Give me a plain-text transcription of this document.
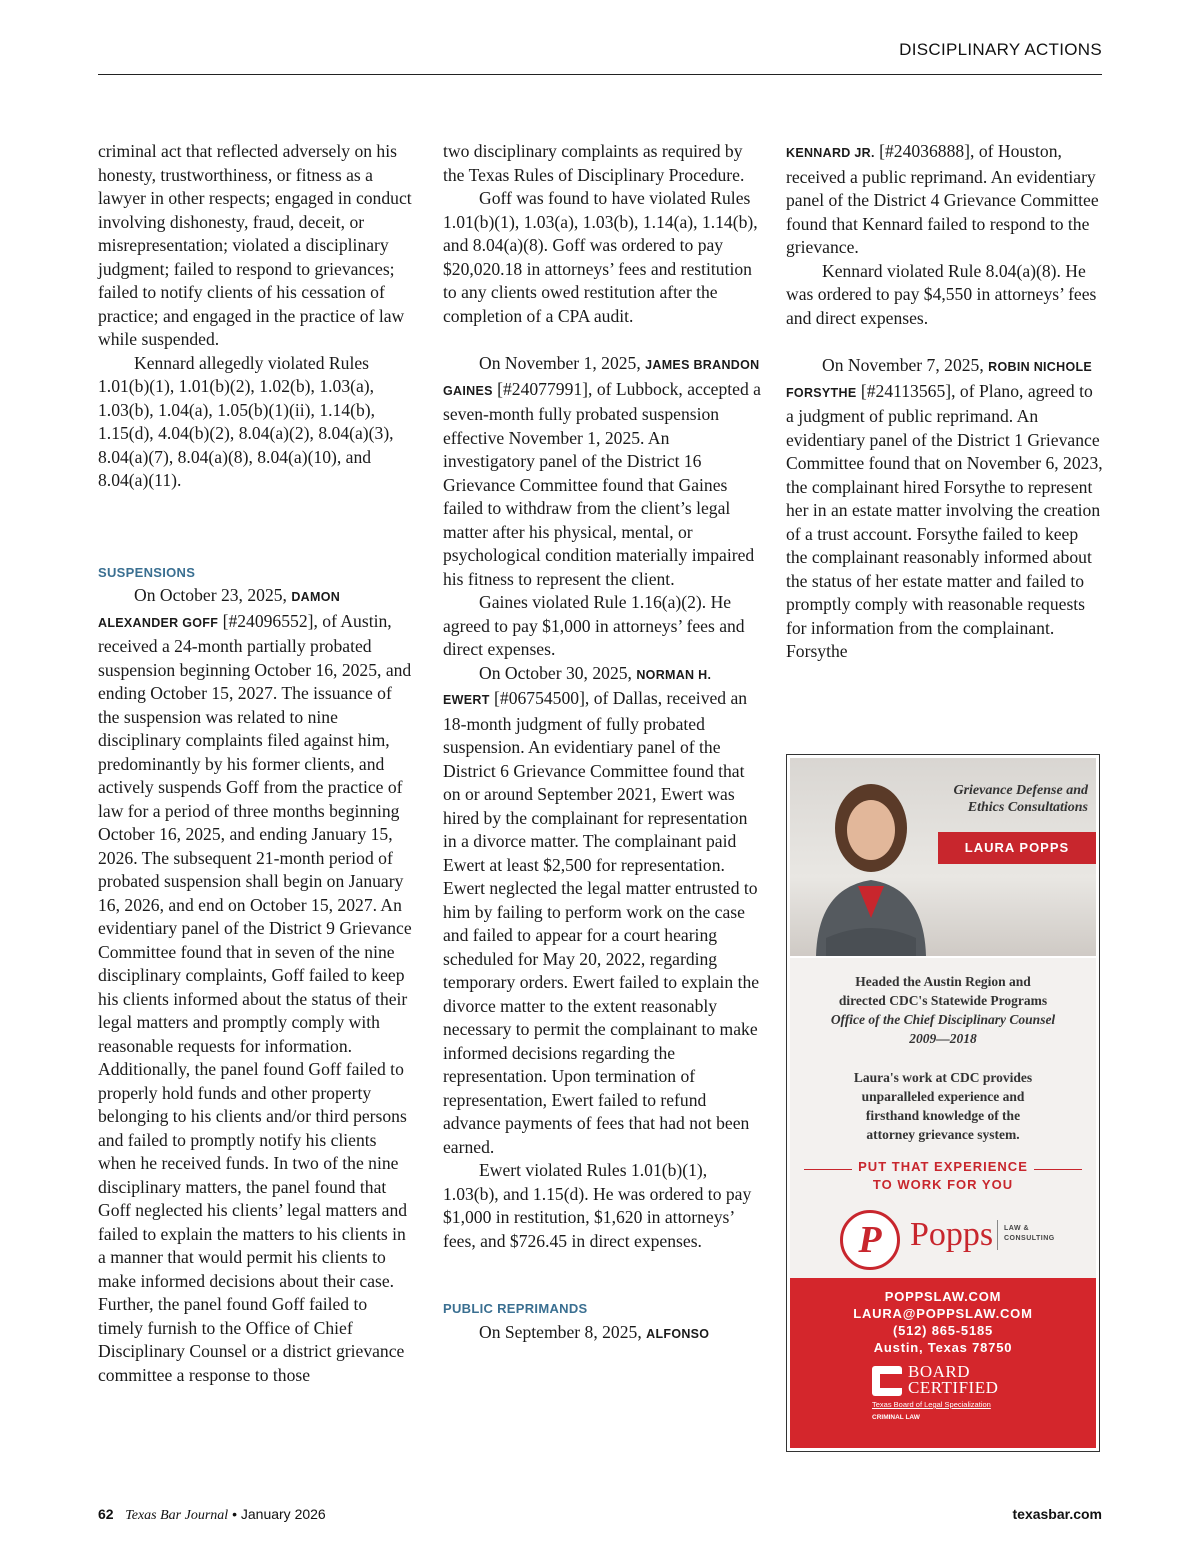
DISCIPLINARY ACTIONS

criminal act that reflected adversely on his honesty, trustworthiness, or fitness as a lawyer in other respects; engaged in conduct involving dishonesty, fraud, deceit, or misrepresentation; violated a disciplinary judgment; failed to respond to grievances; failed to notify clients of his cessation of practice; and engaged in the practice of law while suspended.

Kennard allegedly violated Rules 1.01(b)(1), 1.01(b)(2), 1.02(b), 1.03(a), 1.03(b), 1.04(a), 1.05(b)(1)(ii), 1.14(b), 1.15(d), 4.04(b)(2), 8.04(a)(2), 8.04(a)(3), 8.04(a)(7), 8.04(a)(8), 8.04(a)(10), and 8.04(a)(11).

SUSPENSIONS

On October 23, 2025, DAMON ALEXANDER GOFF [#24096552], of Austin, received a 24-month partially probated suspension beginning October 16, 2025, and ending October 15, 2027. The issuance of the suspension was related to nine disciplinary complaints filed against him, predominantly by his former clients, and actively suspends Goff from the practice of law for a period of three months beginning October 16, 2025, and ending January 15, 2026. The subsequent 21-month period of probated suspension shall begin on January 16, 2026, and end on October 15, 2027. An evidentiary panel of the District 9 Grievance Committee found that in seven of the nine disciplinary complaints, Goff failed to keep his clients informed about the status of their legal matters and promptly comply with reasonable requests for information. Additionally, the panel found Goff failed to properly hold funds and other property belonging to his clients and/or third persons and failed to promptly notify his clients when he received funds. In two of the nine disciplinary matters, the panel found that Goff neglected his clients’ legal matters and failed to explain the matters to his clients in a manner that would permit his clients to make informed decisions about their case. Further, the panel found Goff failed to timely furnish to the Office of Chief Disciplinary Counsel or a district grievance committee a response to those

two disciplinary complaints as required by the Texas Rules of Disciplinary Procedure.

Goff was found to have violated Rules 1.01(b)(1), 1.03(a), 1.03(b), 1.14(a), 1.14(b), and 8.04(a)(8). Goff was ordered to pay $20,020.18 in attorneys’ fees and restitution to any clients owed restitution after the completion of a CPA audit.

On November 1, 2025, JAMES BRANDON GAINES [#24077991], of Lubbock, accepted a seven-month fully probated suspension effective November 1, 2025. An investigatory panel of the District 16 Grievance Committee found that Gaines failed to withdraw from the client’s legal matter after his physical, mental, or psychological condition materially impaired his fitness to represent the client.

Gaines violated Rule 1.16(a)(2). He agreed to pay $1,000 in attorneys’ fees and direct expenses.

On October 30, 2025, NORMAN H. EWERT [#06754500], of Dallas, received an 18-month judgment of fully probated suspension. An evidentiary panel of the District 6 Grievance Committee found that on or around September 2021, Ewert was hired by the complainant for representation in a divorce matter. The complainant paid Ewert at least $2,500 for representation. Ewert neglected the legal matter entrusted to him by failing to perform work on the case and failed to appear for a court hearing scheduled for May 20, 2022, regarding temporary orders. Ewert failed to explain the divorce matter to the extent reasonably necessary to permit the complainant to make informed decisions regarding the representation. Upon termination of representation, Ewert failed to refund advance payments of fees that had not been earned.

Ewert violated Rules 1.01(b)(1), 1.03(b), and 1.15(d). He was ordered to pay $1,000 in restitution, $1,620 in attorneys’ fees, and $726.45 in direct expenses.

PUBLIC REPRIMANDS

On September 8, 2025, ALFONSO

KENNARD JR. [#24036888], of Houston, received a public reprimand. An evidentiary panel of the District 4 Grievance Committee found that Kennard failed to respond to the grievance.

Kennard violated Rule 8.04(a)(8). He was ordered to pay $4,550 in attorneys’ fees and direct expenses.

On November 7, 2025, ROBIN NICHOLE FORSYTHE [#24113565], of Plano, agreed to a judgment of public reprimand. An evidentiary panel of the District 1 Grievance Committee found that on November 6, 2023, the complainant hired Forsythe to represent her in an estate matter involving the creation of a trust account. Forsythe failed to keep the complainant reasonably informed about the status of her estate matter and failed to promptly comply with reasonable requests for information from the complainant. Forsythe

Grievance Defense and
Ethics Consultations
LAURA POPPS
Headed the Austin Region and
directed CDC's Statewide Programs
Office of the Chief Disciplinary Counsel
2009—2018
Laura's work at CDC provides
unparalleled experience and
firsthand knowledge of the
attorney grievance system.
PUT THAT EXPERIENCE
TO WORK FOR YOU
P Popps LAW &
CONSULTING
POPPSLAW.COM
LAURA@POPPSLAW.COM
(512) 865-5185
Austin, Texas 78750
BOARD
CERTIFIED
Texas Board of Legal Specialization
CRIMINAL LAW
62 Texas Bar Journal • January 2026	texasbar.com
